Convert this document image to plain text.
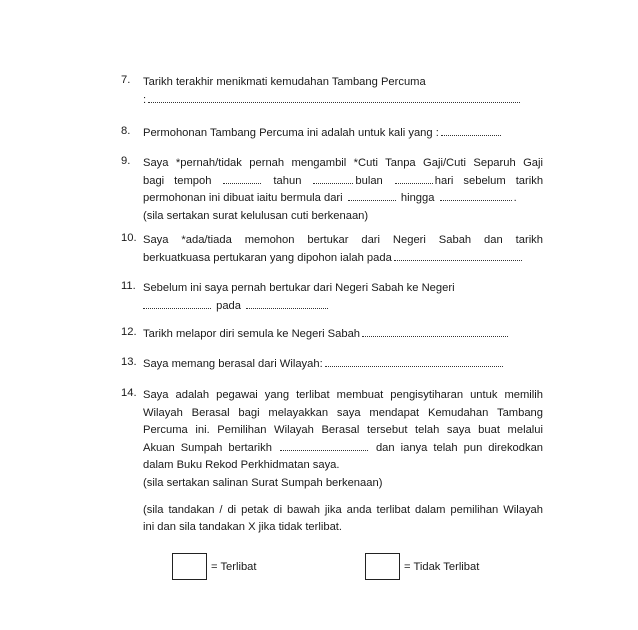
7. Tarikh terakhir menikmati kemudahan Tambang Percuma
:
8. Permohonan Tambang Percuma ini adalah untuk kali yang :
9. Saya *pernah/tidak pernah mengambil *Cuti Tanpa Gaji/Cuti Separuh Gaji
bagi tempoh	tahun	bulan	hari sebelum tarikh
permohonan ini dibuat iaitu bermula dari	hingga	.
(sila sertakan surat kelulusan cuti berkenaan)
10. Saya *ada/tiada memohon bertukar dari Negeri Sabah dan tarikh
berkuatkuasa pertukaran yang dipohon ialah pada
11. Sebelum ini saya pernah bertukar dari Negeri Sabah ke Negeri
pada
12. Tarikh melapor diri semula ke Negeri Sabah
13. Saya memang berasal dari Wilayah:
14. Saya adalah pegawai yang terlibat membuat pengisytiharan untuk memilih
Wilayah Berasal bagi melayakkan saya mendapat Kemudahan Tambang
Percuma ini. Pemilihan Wilayah Berasal tersebut telah saya buat melalui
Akuan Sumpah bertarikh	dan ianya telah pun direkodkan
dalam Buku Rekod Perkhidmatan saya.
(sila sertakan salinan Surat Sumpah berkenaan)
(sila tandakan / di petak di bawah jika anda terlibat dalam pemilihan Wilayah
ini dan sila tandakan X jika tidak terlibat.
= Terlibat	= Tidak Terlibat
